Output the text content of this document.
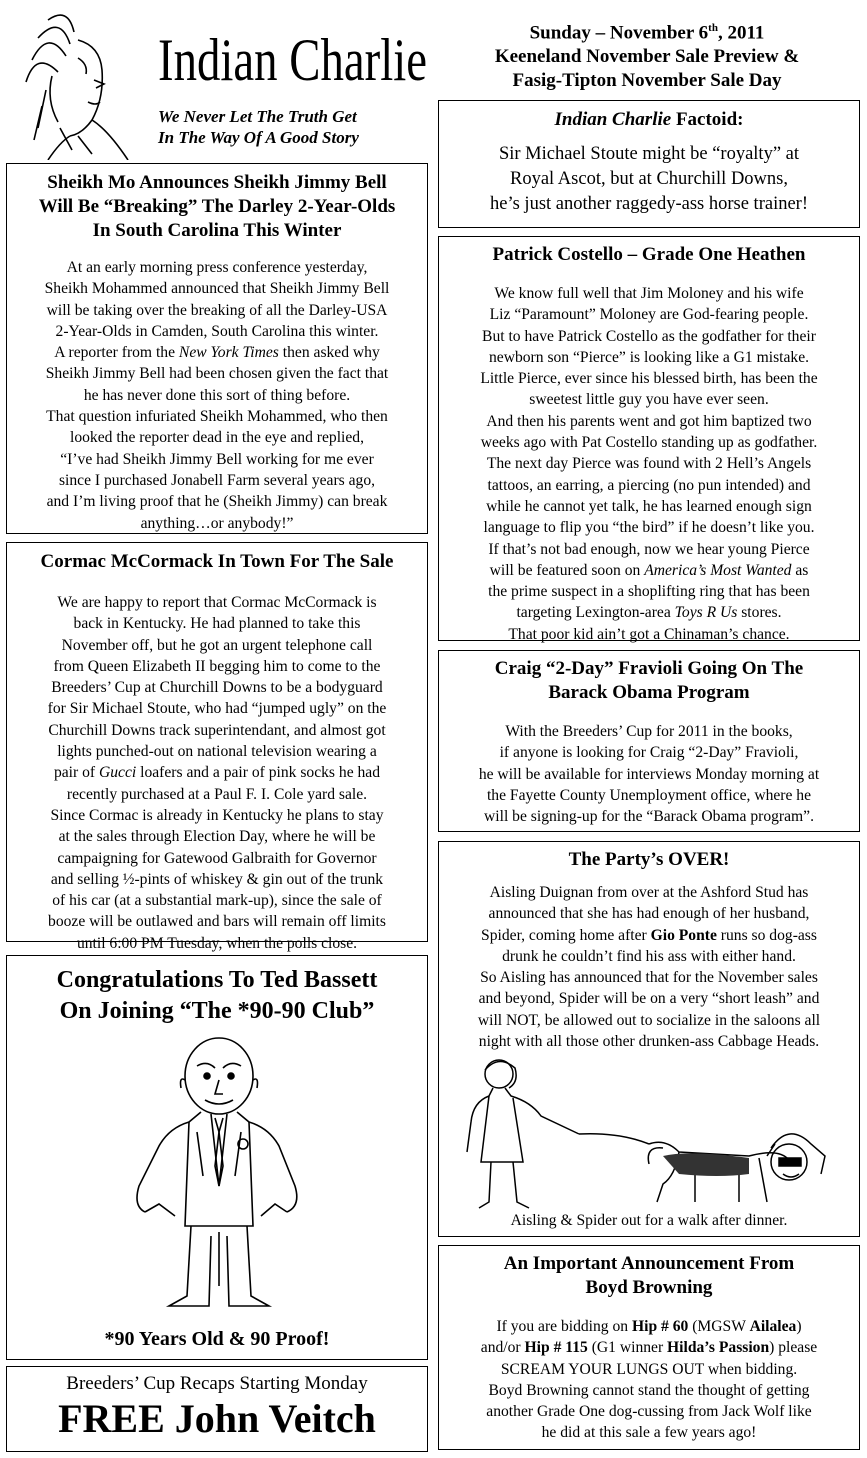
Indian Charlie
We Never Let The Truth Get
In The Way Of A Good Story
Sunday – November 6th, 2011
Keeneland November Sale Preview &
Fasig-Tipton November Sale Day
Indian Charlie Factoid:
Sir Michael Stoute might be “royalty” at
Royal Ascot, but at Churchill Downs,
he’s just another raggedy-ass horse trainer!
Sheikh Mo Announces Sheikh Jimmy Bell
Will Be “Breaking” The Darley 2-Year-Olds
In South Carolina This Winter
At an early morning press conference yesterday,
Sheikh Mohammed announced that Sheikh Jimmy Bell
will be taking over the breaking of all the Darley-USA
2-Year-Olds in Camden, South Carolina this winter.
A reporter from the New York Times then asked why
Sheikh Jimmy Bell had been chosen given the fact that
he has never done this sort of thing before.
That question infuriated Sheikh Mohammed, who then
looked the reporter dead in the eye and replied,
“I’ve had Sheikh Jimmy Bell working for me ever
since I purchased Jonabell Farm several years ago,
and I’m living proof that he (Sheikh Jimmy) can break
anything…or anybody!”
Cormac McCormack In Town For The Sale
We are happy to report that Cormac McCormack is
back in Kentucky. He had planned to take this
November off, but he got an urgent telephone call
from Queen Elizabeth II begging him to come to the
Breeders’ Cup at Churchill Downs to be a bodyguard
for Sir Michael Stoute, who had “jumped ugly” on the
Churchill Downs track superintendant, and almost got
lights punched-out on national television wearing a
pair of Gucci loafers and a pair of pink socks he had
recently purchased at a Paul F. I. Cole yard sale.
Since Cormac is already in Kentucky he plans to stay
at the sales through Election Day, where he will be
campaigning for Gatewood Galbraith for Governor
and selling ½-pints of whiskey & gin out of the trunk
of his car (at a substantial mark-up), since the sale of
booze will be outlawed and bars will remain off limits
until 6:00 PM Tuesday, when the polls close.
Congratulations To Ted Bassett
On Joining “The *90-90 Club”
*90 Years Old & 90 Proof!
Breeders’ Cup Recaps Starting Monday
FREE John Veitch
Patrick Costello – Grade One Heathen
We know full well that Jim Moloney and his wife
Liz “Paramount” Moloney are God-fearing people.
But to have Patrick Costello as the godfather for their
newborn son “Pierce” is looking like a G1 mistake.
Little Pierce, ever since his blessed birth, has been the
sweetest little guy you have ever seen.
And then his parents went and got him baptized two
weeks ago with Pat Costello standing up as godfather.
The next day Pierce was found with 2 Hell’s Angels
tattoos, an earring, a piercing (no pun intended) and
while he cannot yet talk, he has learned enough sign
language to flip you “the bird” if he doesn’t like you.
If that’s not bad enough, now we hear young Pierce
will be featured soon on America’s Most Wanted as
the prime suspect in a shoplifting ring that has been
targeting Lexington-area Toys R Us stores.
That poor kid ain’t got a Chinaman’s chance.
Craig “2-Day” Fravioli Going On The
Barack Obama Program
With the Breeders’ Cup for 2011 in the books,
if anyone is looking for Craig “2-Day” Fravioli,
he will be available for interviews Monday morning at
the Fayette County Unemployment office, where he
will be signing-up for the “Barack Obama program”.
The Party’s OVER!
Aisling Duignan from over at the Ashford Stud has
announced that she has had enough of her husband,
Spider, coming home after Gio Ponte runs so dog-ass
drunk he couldn’t find his ass with either hand.
So Aisling has announced that for the November sales
and beyond, Spider will be on a very “short leash” and
will NOT, be allowed out to socialize in the saloons all
night with all those other drunken-ass Cabbage Heads.
Aisling & Spider out for a walk after dinner.
An Important Announcement From
Boyd Browning
If you are bidding on Hip # 60 (MGSW Ailalea)
and/or Hip # 115 (G1 winner Hilda’s Passion) please
SCREAM YOUR LUNGS OUT when bidding.
Boyd Browning cannot stand the thought of getting
another Grade One dog-cussing from Jack Wolf like
he did at this sale a few years ago!
